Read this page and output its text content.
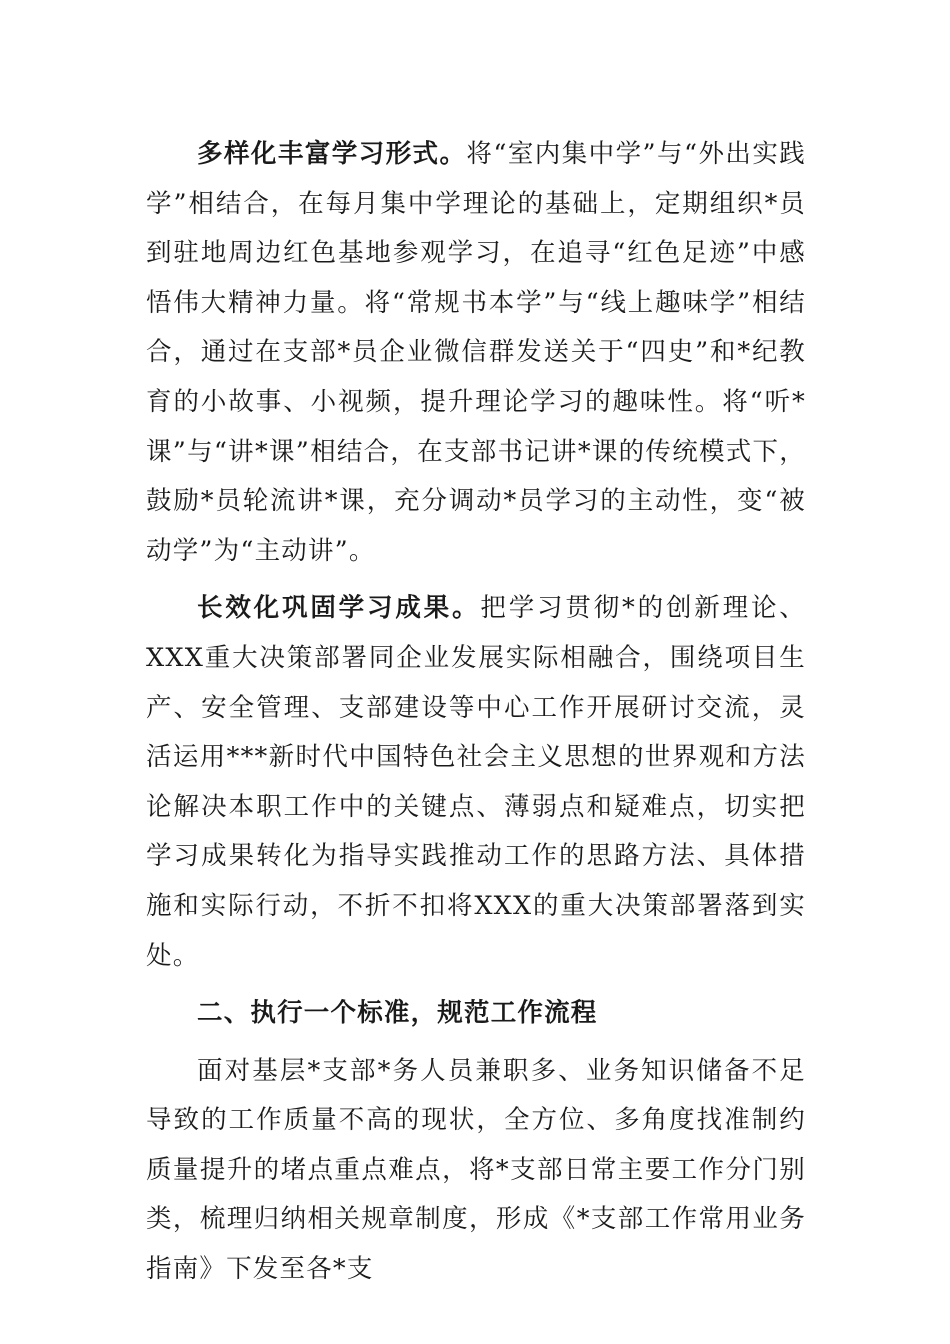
多样化丰富学习形式。将“室内集中学”与“外出实践学”相结合，在每月集中学理论的基础上，定期组织*员到驻地周边红色基地参观学习，在追寻“红色足迹”中感悟伟大精神力量。将“常规书本学”与“线上趣味学”相结合，通过在支部*员企业微信群发送关于“四史”和*纪教育的小故事、小视频，提升理论学习的趣味性。将“听*课”与“讲*课”相结合，在支部书记讲*课的传统模式下，鼓励*员轮流讲*课，充分调动*员学习的主动性，变“被动学”为“主动讲”。

长效化巩固学习成果。把学习贯彻*的创新理论、XXX重大决策部署同企业发展实际相融合，围绕项目生产、安全管理、支部建设等中心工作开展研讨交流，灵活运用***新时代中国特色社会主义思想的世界观和方法论解决本职工作中的关键点、薄弱点和疑难点，切实把学习成果转化为指导实践推动工作的思路方法、具体措施和实际行动，不折不扣将XXX的重大决策部署落到实处。

二、执行一个标准，规范工作流程

面对基层*支部*务人员兼职多、业务知识储备不足导致的工作质量不高的现状，全方位、多角度找准制约质量提升的堵点重点难点，将*支部日常主要工作分门别类，梳理归纳相关规章制度，形成《*支部工作常用业务指南》下发至各*支
